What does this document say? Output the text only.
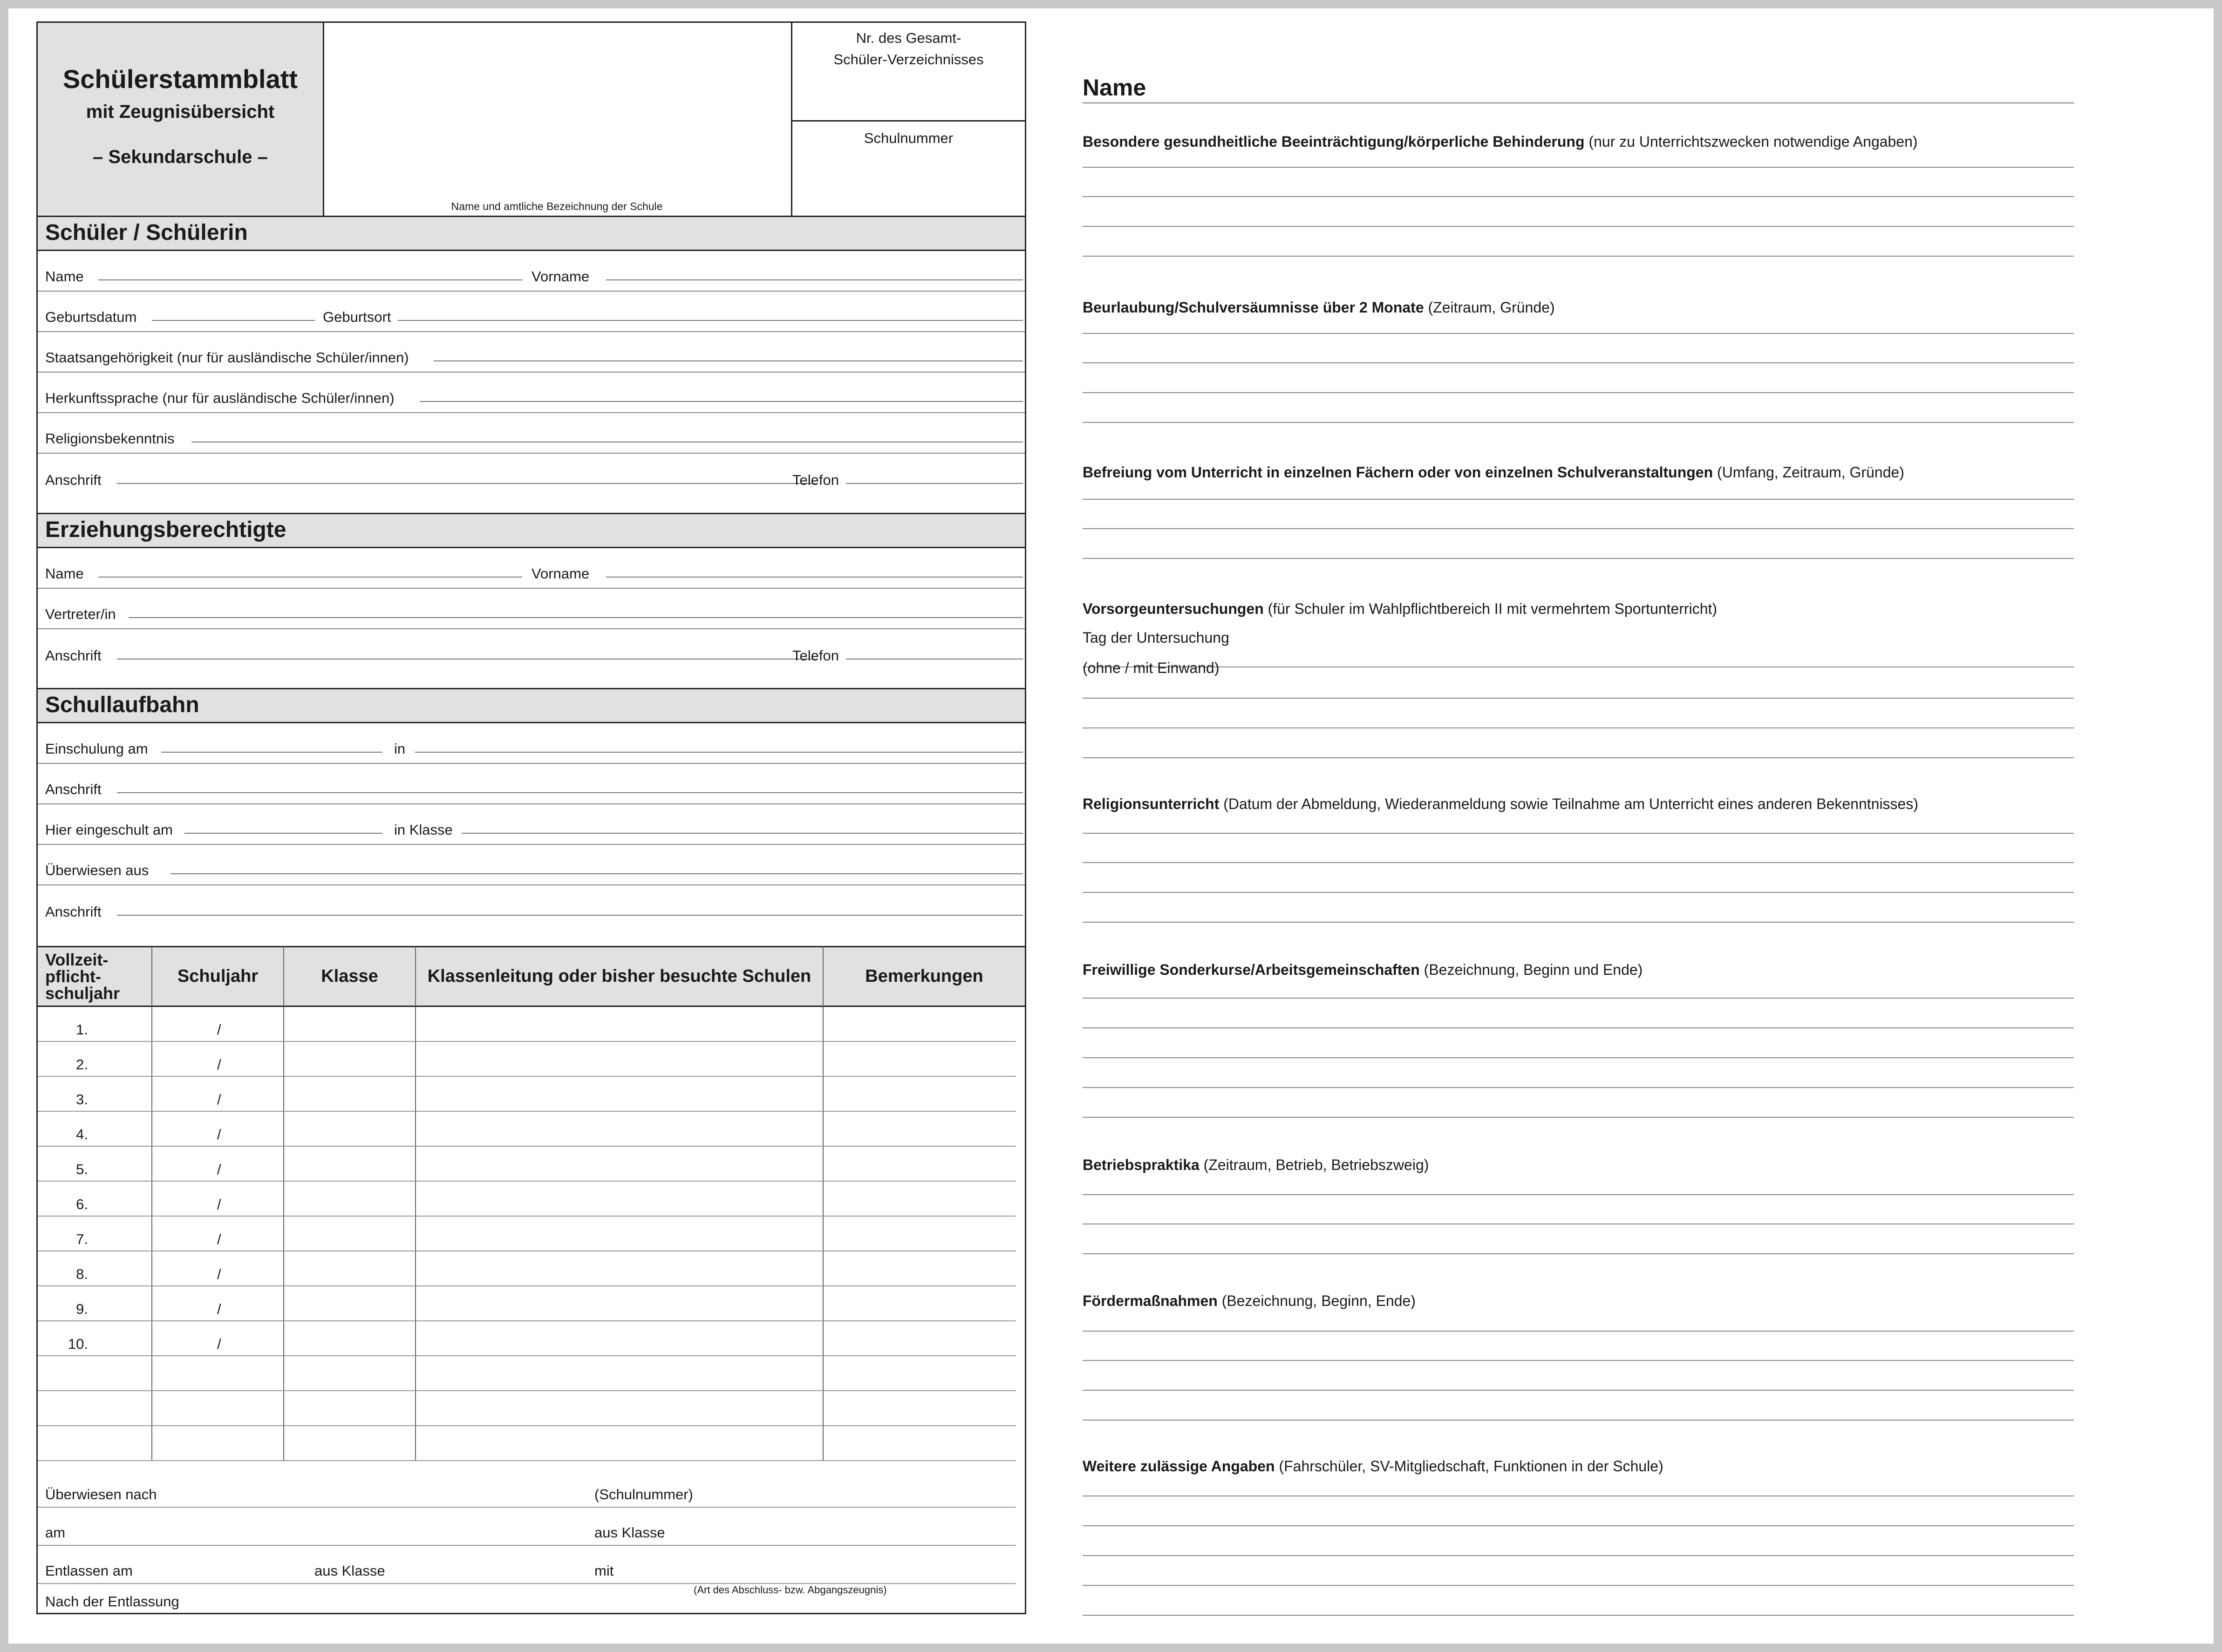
Schülerstammblatt
mit Zeugnisübersicht
– Sekundarschule –
Name und amtliche Bezeichnung der Schule
Nr. des Gesamt-
Schüler-Verzeichnisses
Schulnummer
Schüler / Schülerin
Name	Vorname
Geburtsdatum	Geburtsort
Staatsangehörigkeit (nur für ausländische Schüler/innen)
Herkunftssprache (nur für ausländische Schüler/innen)
Religionsbekenntnis
Anschrift	Telefon
Erziehungsberechtigte
Name	Vorname
Vertreter/in
Anschrift	Telefon
Schullaufbahn
Einschulung am	in
Anschrift
Hier eingeschult am	in Klasse
Überwiesen aus
Anschrift
Vollzeit-
pflicht-
schuljahr
Schuljahr	Klasse	Klassenleitung oder bisher besuchte Schulen	Bemerkungen
1.	/
2.	/
3.	/
4.	/
5.	/
6.	/
7.	/
8.	/
9.	/
10.	/
Überwiesen nach	(Schulnummer)
am	aus Klasse
Entlassen am	aus Klasse	mit
(Art des Abschluss- bzw. Abgangszeugnis)
Nach der Entlassung
Name
Besondere gesundheitliche Beeinträchtigung/körperliche Behinderung (nur zu Unterrichtszwecken notwendige Angaben)
Beurlaubung/Schulversäumnisse über 2 Monate (Zeitraum, Gründe)
Befreiung vom Unterricht in einzelnen Fächern oder von einzelnen Schulveranstaltungen (Umfang, Zeitraum, Gründe)
Vorsorgeuntersuchungen (für Schuler im Wahlpflichtbereich II mit vermehrtem Sportunterricht)
Religionsunterricht (Datum der Abmeldung, Wiederanmeldung sowie Teilnahme am Unterricht eines anderen Bekenntnisses)
Freiwillige Sonderkurse/Arbeitsgemeinschaften (Bezeichnung, Beginn und Ende)
Betriebspraktika (Zeitraum, Betrieb, Betriebszweig)
Fördermaßnahmen (Bezeichnung, Beginn, Ende)
Weitere zulässige Angaben (Fahrschüler, SV-Mitgliedschaft, Funktionen in der Schule)
Tag der Untersuchung
(ohne / mit Einwand)
